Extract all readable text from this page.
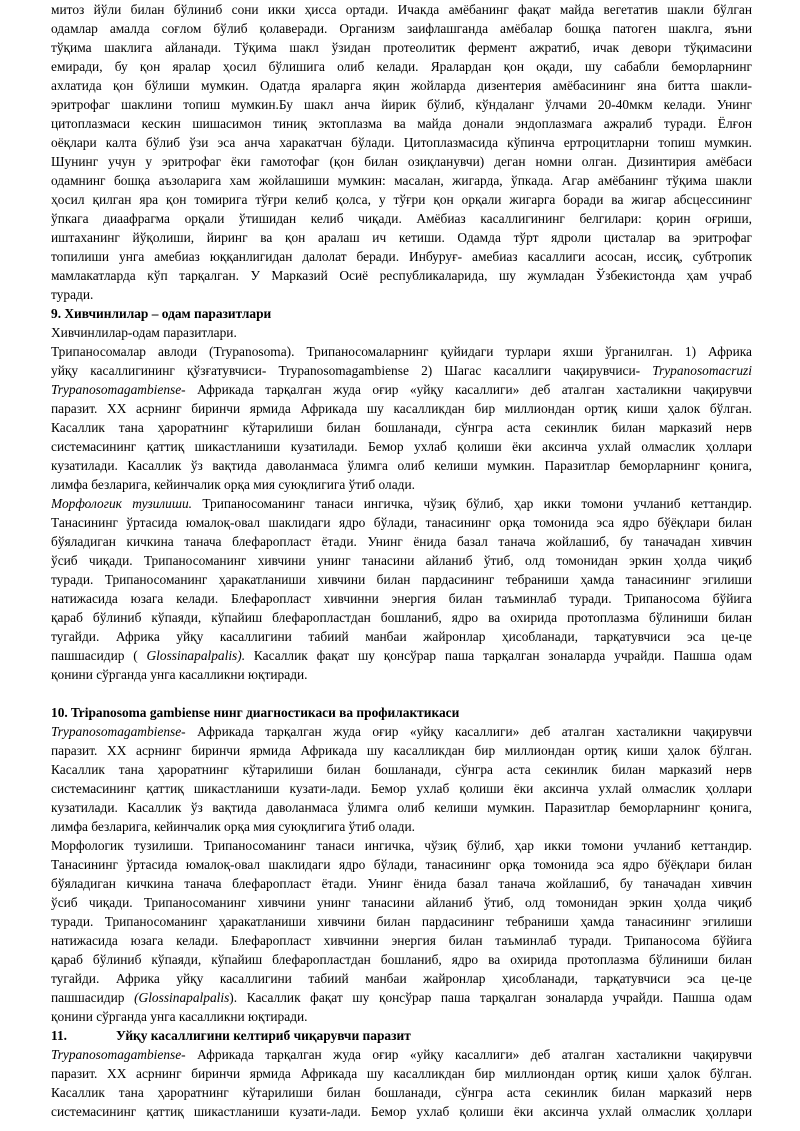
митоз йўли билан бўлиниб сони икки ҳисса ортади. Ичакда амёбанинг фақат майда вегетатив шакли бўлган
одамлар амалда соғлом бўлиб қолаверади. Организм заифлашганда амёбалар бошқа патоген шаклга, яъни
тўқима шаклига айланади. Тўқима шакл ўзидан протеолитик фермент ажратиб, ичак девори тўқимасини
емиради, бу қон яралар ҳосил бўлишига олиб келади. Яралардан қон оқади, шу сабабли беморларнинг
ахлатида қон бўлиши мумкин. Одатда яраларга яқин жойларда дизентерия амёбасининг яна битта шакли-
эритрофаг шаклини топиш мумкин.Бу шакл анча йирик бўлиб, кўндаланг ўлчами 20-40мкм келади. Унинг
цитоплазмаси кескин шишасимон тиниқ эктоплазма ва майда донали эндоплазмага ажралиб туради. Ёлғон
оёқлари калта бўлиб ўзи эса анча харакатчан бўлади. Цитоплазмасида кўпинча ертроцитларни топиш мумкин.
Шунинг учун у эритрофаг ёки гамотофаг (қон билан озиқланувчи) деган номни олган. Дизинтирия амёбаси
одамнинг бошқа аъзоларига хам жойлашиши мумкин: масалан, жигарда, ўпкада. Агар амёбанинг тўқима шакли
ҳосил қилган яра қон томирига тўғри келиб қолса, у тўғри қон орқали жигарга боради ва жигар абсцессининг
ўпкага диаафрагма орқали ўтишидан келиб чиқади. Амёбиаз касаллигининг белгилари: қорин оғриши,
иштаханинг йўқолиши, йиринг ва қон аралаш ич кетиши. Одамда тўрт ядроли цисталар ва эритрофаг
топилиши унга амебиаз юққанлигидан далолат беради. Инбуруғ- амебиаз касаллиги асосан, иссиқ, субтропик
мамлакатларда кўп тарқалган. У Марказий Осиё республикаларида, шу жумладан Ўзбекистонда ҳам учраб
туради.

9. Хивчинлилар – одам паразитлари

Хивчинлилар-одам паразитлари.

Трипаносомалар авлоди (Trypanosoma). Трипаносомаларнинг қуйидаги турлари яхши ўрганилган. 1) Африка
уйқу касаллигининг қўзғатувчиси- Trypanosomagambiense 2) Шагас касаллиги чақирувчиси- Trypanosomacruzi
Trypanosomagambiense- Африкада тарқалган жуда оғир «уйқу касаллиги» деб аталган хасталикни чақирувчи
паразит. XX асрнинг биринчи ярмида Африкада шу касалликдан бир миллиондан ортиқ киши ҳалок бўлган.
Касаллик тана ҳароратнинг кўтарилиши билан бошланади, сўнгра аста секинлик билан марказий нерв
системасининг қаттиқ шикастланиши кузатилади. Бемор ухлаб қолиши ёки аксинча ухлай олмаслик ҳоллари
кузатилади. Касаллик ўз вақтида даволанмаса ўлимга олиб келиши мумкин. Паразитлар беморларнинг қонига,
лимфа безларига, кейинчалик орқа мия суюқлигига ўтиб олади.

Морфологик тузилиши. Трипаносоманинг танаси ингичка, чўзиқ бўлиб, ҳар икки томони учланиб кеттандир.
Танасининг ўртасида юмалоқ-овал шаклидаги ядро бўлади, танасининг орқа томонида эса ядро бўёқлари билан
бўяладиган кичкина танача блефаропласт ётади. Унинг ёнида базал танача жойлашиб, бу таначадан хивчин
ўсиб чиқади. Трипаносоманинг хивчини унинг танасини айланиб ўтиб, олд томонидан эркин ҳолда чиқиб
туради. Трипаносоманинг ҳаракатланиши хивчини билан пардасининг тебраниши ҳамда танасининг эгилиши
натижасида юзага келади. Блефаропласт хивчинни энергия билан таъминлаб туради. Трипаносома бўйига
қараб бўлиниб кўпаяди, кўпайиш блефаропластдан бошланиб, ядро ва охирида протоплазма бўлиниши билан
тугайди. Африка уйқу касаллигини табиий манбаи жайронлар ҳисобланади, тарқатувчиси эса це-це
пашшасидир ( Glossinapalpalis). Касаллик фақат шу қонсўрар паша тарқалган зоналарда учрайди. Пашша одам
қонини сўрганда унга касалликни юқтиради.

10. Tripanosoma gambiense нинг диагностикаси ва профилактикаси

Trypanosomagambiense- Африкада тарқалган жуда оғир «уйқу касаллиги» деб аталган хасталикни чақирувчи
паразит. XX асрнинг биринчи ярмида Африкада шу касалликдан бир миллиондан ортиқ киши ҳалок бўлган.
Касаллик тана ҳароратнинг кўтарилиши билан бошланади, сўнгра аста секинлик билан марказий нерв
системасининг қаттиқ шикастланиши кузати-лади. Бемор ухлаб қолиши ёки аксинча ухлай олмаслик ҳоллари
кузатилади. Касаллик ўз вақтида даволанмаса ўлимга олиб келиши мумкин. Паразитлар беморларнинг қонига,
лимфа безларига, кейинчалик орқа мия суюқлигига ўтиб олади.

Морфологик тузилиши. Трипаносоманинг танаси ингичка, чўзиқ бўлиб, ҳар икки томони учланиб кеттандир.
Танасининг ўртасида юмалоқ-овал шаклидаги ядро бўлади, танасининг орқа томонида эса ядро бўёқлари билан
бўяладиган кичкина танача блефаропласт ётади. Унинг ёнида базал танача жойлашиб, бу таначадан хивчин
ўсиб чиқади. Трипаносоманинг хивчини унинг танасини айланиб ўтиб, олд томонидан эркин ҳолда чиқиб
туради. Трипаносоманинг ҳаракатланиши хивчини билан пардасининг тебраниши ҳамда танасининг эгилиши
натижасида юзага келади. Блефаропласт хивчинни энергия билан таъминлаб туради. Трипаносома бўйига
қараб бўлиниб кўпаяди, кўпайиш блефаропластдан бошланиб, ядро ва охирида протоплазма бўлиниши билан
тугайди. Африка уйқу касаллигини табиий манбаи жайронлар ҳисобланади, тарқатувчиси эса це-це
пашшасидир (Glossinapalpalis). Касаллик фақат шу қонсўрар паша тарқалган зоналарда учрайди. Пашша одам
қонини сўрганда унга касалликни юқтиради.

11.	Уйқу касаллигини келтириб чиқарувчи паразит

Trypanosomagambiense- Африкада тарқалган жуда оғир «уйқу касаллиги» деб аталган хасталикни чақирувчи
паразит. XX асрнинг биринчи ярмида Африкада шу касалликдан бир миллиондан ортиқ киши ҳалок бўлган.
Касаллик тана ҳароратнинг кўтарилиши билан бошланади, сўнгра аста секинлик билан марказий нерв
системасининг қаттиқ шикастланиши кузати-лади. Бемор ухлаб қолиши ёки аксинча ухлай олмаслик ҳоллари
